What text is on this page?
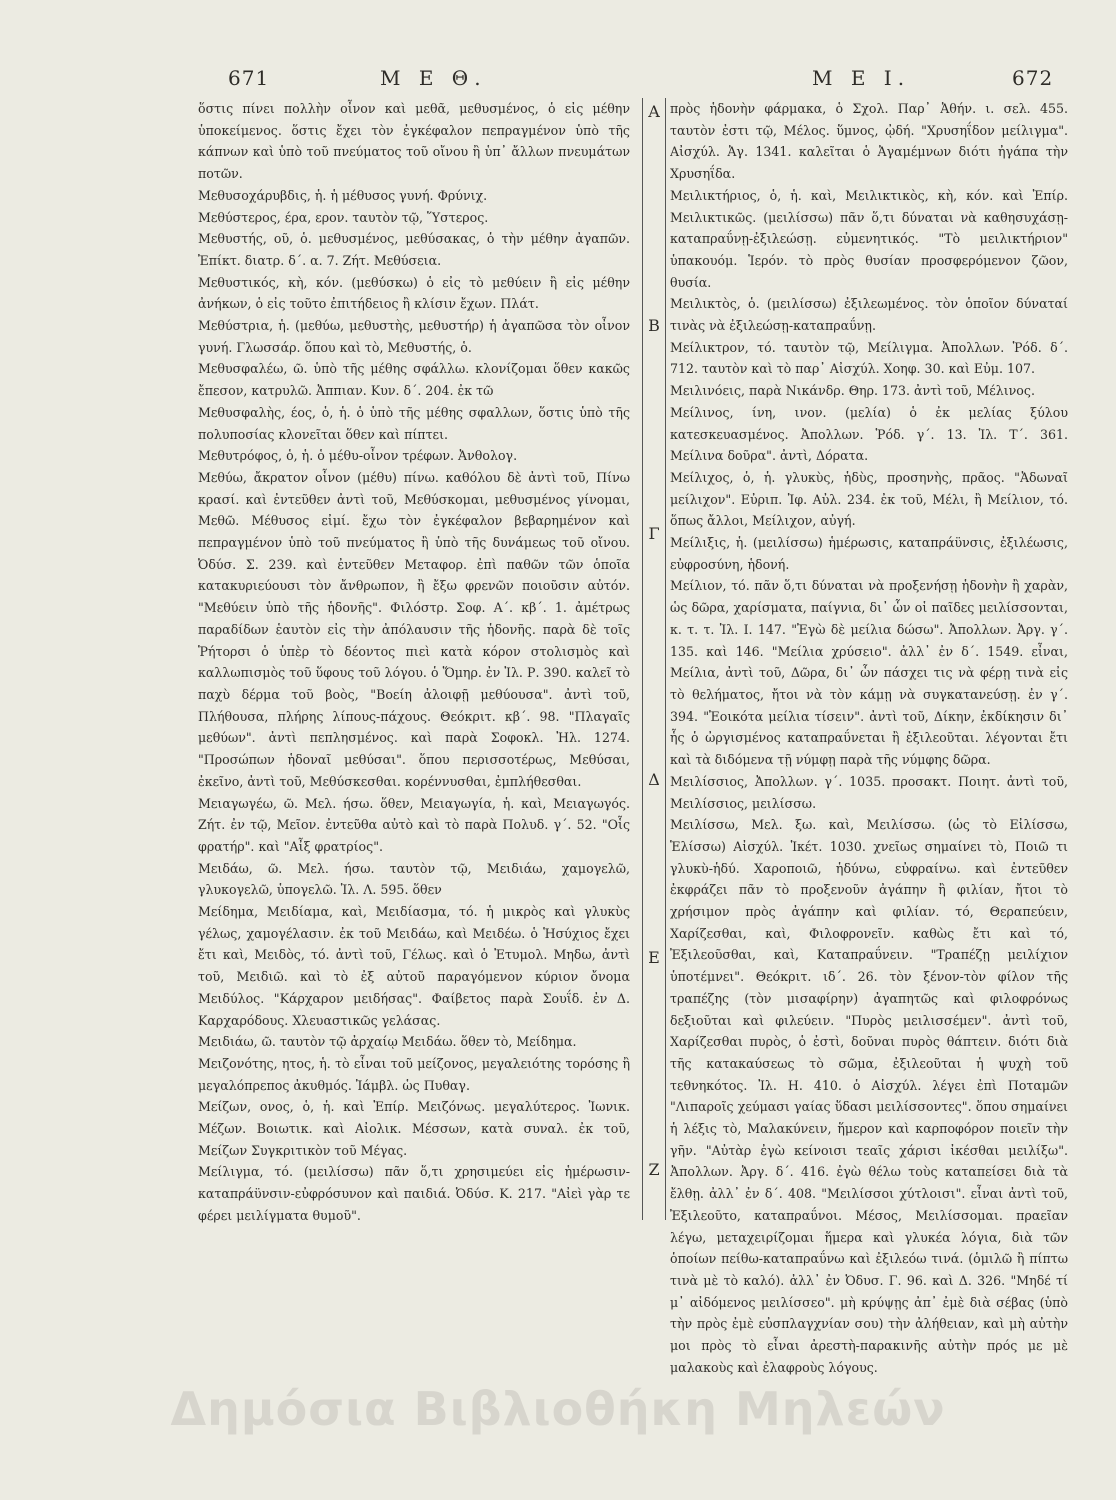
671	Μ Ε Θ.	Μ Ε Ι.	672

ὅστις πίνει πολλὴν οἶνον καὶ μεθᾶ, μεθυσμένος, ὁ εἰς μέθην ὑποκείμενος. ὅστις ἔχει τὸν ἐγκέφαλον πεπραγμένον ὑπὸ τῆς κάπνων καὶ ὑπὸ τοῦ πνεύματος τοῦ οἴνου ἢ ὑπ᾽ ἄλλων πνευμάτων ποτῶν.

Μεθυσοχάρυβδις, ἡ. ἡ μέθυσος γυνή. Φρύνιχ.

Μεθύστερος, έρα, ερον. ταυτὸν τῷ, Ὕστερος.

Μεθυστής, οῦ, ὁ. μεθυσμένος, μεθύσακας, ὁ τὴν μέθην ἀγαπῶν. Ἐπίκτ. διατρ. δ΄. α. 7. Ζήτ. Μεθύσεια.

Μεθυστικός, κὴ, κόν. (μεθύσκω) ὁ εἰς τὸ μεθύειν ἢ εἰς μέθην ἀνήκων, ὁ εἰς τοῦτο ἐπιτήδειος ἢ κλίσιν ἔχων. Πλάτ.

Μεθύστρια, ἡ. (μεθύω, μεθυστὴς, μεθυστήρ) ἡ ἀγαπῶσα τὸν οἶνον γυνή. Γλωσσάρ. ὅπου καὶ τὸ, Μεθυστής, ὁ.

Μεθυσφαλέω, ῶ. ὑπὸ τῆς μέθης σφάλλω. κλονίζομαι ὅθεν κακῶς ἔπεσον, κατρυλῶ. Ἀππιαν. Κυν. δ΄. 204. ἐκ τῶ

Μεθυσφαλὴς, έος, ὁ, ἡ. ὁ ὑπὸ τῆς μέθης σφαλλων, ὅστις ὑπὸ τῆς πολυποσίας κλονεῖται ὅθεν καὶ πίπτει.

Μεθυτρόφος, ὁ, ἡ. ὁ μέθυ-οἶνον τρέφων. Ἀνθολογ.

Μεθύω, ἄκρατον οἶνον (μέθυ) πίνω. καθόλου δὲ ἀντὶ τοῦ, Πίνω κρασί. καὶ ἐντεῦθεν ἀντὶ τοῦ, Μεθύσκομαι, μεθυσμένος γίνομαι, Μεθῶ. Μέθυσος εἰμί. ἔχω τὸν ἐγκέφαλον βεβαρημένον καὶ πεπραγμένον ὑπὸ τοῦ πνεύματος ἢ ὑπὸ τῆς δυνάμεως τοῦ οἴνου. Ὀδύσ. Σ. 239. καὶ ἐντεῦθεν Μεταφορ. ἐπὶ παθῶν τῶν ὁποῖα κατακυριεύουσι τὸν ἄνθρωπον, ἢ ἔξω φρενῶν ποιοῦσιν αὐτόν. "Μεθύειν ὑπὸ τῆς ἡδονῆς". Φιλόστρ. Σοφ. Α΄. κβ΄. 1. ἀμέτρως παραδίδων ἑαυτὸν εἰς τὴν ἀπόλαυσιν τῆς ἡδονῆς. παρὰ δὲ τοῖς Ῥήτορσι ὁ ὑπὲρ τὸ δέοντος πιεὶ κατὰ κόρον στολισμὸς καὶ καλλωπισμὸς τοῦ ὕφους τοῦ λόγου. ὁ Ὅμηρ. ἐν Ἰλ. Ρ. 390. καλεῖ τὸ παχὺ δέρμα τοῦ βοὸς, "Βοείη ἀλοιφῇ μεθύουσα". ἀντὶ τοῦ, Πλήθουσα, πλήρης λίπους-πάχους. Θεόκριτ. κβ΄. 98. "Πλαγαῖς μεθύων". ἀντὶ πεπλησμένος. καὶ παρὰ Σοφοκλ. Ἠλ. 1274. "Προσώπων ἡδοναῖ μεθύσαι". ὅπου περισσοτέρως, Μεθύσαι, ἐκεῖνο, ἀντὶ τοῦ, Μεθύσκεσθαι. κορέννυσθαι, ἐμπλήθεσθαι.

Μειαγωγέω, ῶ. Μελ. ήσω. ὅθεν, Μειαγωγία, ἡ. καὶ, Μειαγωγός. Ζήτ. ἐν τῷ, Μεῖον. ἐντεῦθα αὐτὸ καὶ τὸ παρὰ Πολυδ. γ΄. 52. "Οἷς φρατήρ". καὶ "Αἶξ φρατρίος".

Μειδάω, ῶ. Μελ. ήσω. ταυτὸν τῷ, Μειδιάω, χαμογελῶ, γλυκογελῶ, ὑπογελῶ. Ἰλ. Λ. 595. ὅθεν

Μείδημα, Μειδίαμα, καὶ, Μειδίασμα, τό. ἡ μικρὸς καὶ γλυκὺς γέλως, χαμογέλασιν. ἐκ τοῦ Μειδάω, καὶ Μειδέω. ὁ Ἡσύχιος ἔχει ἔτι καὶ, Μειδὸς, τό. ἀντὶ τοῦ, Γέλως. καὶ ὁ Ἐτυμολ. Μηδω, ἀντὶ τοῦ, Μειδιῶ. καὶ τὸ ἐξ αὐτοῦ παραγόμενον κύριον ὄνομα Μειδύλος. "Κάρχαρον μειδήσας". Φαίβετος παρὰ Σουΐδ. ἐν Δ. Καρχαρόδους. Χλευαστικῶς γελάσας.

Μειδιάω, ῶ. ταυτὸν τῷ ἀρχαίῳ Μειδάω. ὅθεν τὸ, Μείδημα.

Μειζονότης, ητος, ἡ. τὸ εἶναι τοῦ μείζονος, μεγαλειότης τορόσης ἢ μεγαλόπρεπος ἀκυθμός. Ἰάμβλ. ὡς Πυθαγ.

Μείζων, ονος, ὁ, ἡ. καὶ Ἐπίρ. Μειζόνως. μεγαλύτερος. Ἰωνικ. Μέζων. Βοιωτικ. καὶ Αἰολικ. Μέσσων, κατὰ συναλ. ἐκ τοῦ, Μείζων Συγκριτικὸν τοῦ Μέγας.

Μείλιγμα, τό. (μειλίσσω) πᾶν ὅ,τι χρησιμεύει εἰς ἡμέρωσιν-καταπράϋνσιν-εὐφρόσυνον καὶ παιδιά. Ὀδύσ. Κ. 217. "Αἰεὶ γὰρ τε φέρει μειλίγματα θυμοῦ".

Α
Β
Γ
Δ
Ε
Ζ

πρὸς ἡδονὴν φάρμακα, ὁ Σχολ. Παρ᾽ Ἀθήν. ι. σελ. 455. ταυτὸν ἐστι τῷ, Μέλος. ὕμνος, ᾠδή. "Χρυσηΐδον μείλιγμα". Αἰσχύλ. Ἀγ. 1341. καλεῖται ὁ Ἀγαμέμνων διότι ἠγάπα τὴν Χρυσηΐδα.

Μειλικτήριος, ὁ, ἡ. καὶ, Μειλικτικὸς, κὴ, κόν. καὶ Ἐπίρ. Μειλικτικῶς. (μειλίσσω) πᾶν ὅ,τι δύναται νὰ καθησυχάσῃ-καταπραΰνῃ-ἐξιλεώσῃ. εὐμενητικός. "Τὸ μειλικτήριον" ὑπακουόμ. Ἱερόν. τὸ πρὸς θυσίαν προσφερόμενον ζῶον, θυσία.

Μειλικτὸς, ὁ. (μειλίσσω) ἐξιλεωμένος. τὸν ὁποῖον δύναταί τινὰς νὰ ἐξιλεώσῃ-καταπραΰνῃ.

Μείλικτρον, τό. ταυτὸν τῷ, Μείλιγμα. Ἀπολλων. Ῥόδ. δ΄. 712. ταυτὸν καὶ τὸ παρ᾽ Αἰσχύλ. Χοηφ. 30. καὶ Εὐμ. 107.

Μειλινόεις, παρὰ Νικάνδρ. Θηρ. 173. ἀντὶ τοῦ, Μέλινος.

Μείλινος, ίνη, ινον. (μελία) ὁ ἐκ μελίας ξύλου κατεσκευασμένος. Ἀπολλων. Ῥόδ. γ΄. 13. Ἰλ. Τ΄. 361. Μείλινα δοῦρα". ἀντὶ, Δόρατα.

Μείλιχος, ὁ, ἡ. γλυκὺς, ἡδὺς, προσηνὴς, πρᾶος. "Ἀδωναῖ μείλιχον". Εὐριπ. Ἰφ. Αὐλ. 234. ἐκ τοῦ, Μέλι, ἢ Μείλιον, τό. ὅπως ἄλλοι, Μείλιχον, αὐγή.

Μείλιξις, ἡ. (μειλίσσω) ἡμέρωσις, καταπράϋνσις, ἐξιλέωσις, εὐφροσύνη, ἡδονή.

Μείλιον, τό. πᾶν ὅ,τι δύναται νὰ προξενήσῃ ἡδονὴν ἢ χαρὰν, ὡς δῶρα, χαρίσματα, παίγνια, δι᾽ ὧν οἱ παῖδες μειλίσσονται, κ. τ. τ. Ἰλ. Ι. 147. "Ἐγὼ δὲ μείλια δώσω". Ἀπολλων. Ἀργ. γ΄. 135. καὶ 146. "Μείλια χρύσειο". ἀλλ᾽ ἐν δ΄. 1549. εἶναι, Μείλια, ἀντὶ τοῦ, Δῶρα, δι᾽ ὧν πάσχει τις νὰ φέρῃ τινὰ εἰς τὸ θελήματος, ἤτοι νὰ τὸν κάμῃ νὰ συγκατανεύσῃ. ἐν γ΄. 394. "Ἐοικότα μείλια τίσειν". ἀντὶ τοῦ, Δίκην, ἐκδίκησιν δι᾽ ἧς ὁ ὠργισμένος καταπραΰνεται ἢ ἐξιλεοῦται. λέγονται ἔτι καὶ τὰ διδόμενα τῇ νύμφῃ παρὰ τῆς νύμφης δῶρα.

Μειλίσσιος, Ἀπολλων. γ΄. 1035. προσακτ. Ποιητ. ἀντὶ τοῦ, Μειλίσσιος, μειλίσσω.

Μειλίσσω, Μελ. ξω. καὶ, Μειλίσσω. (ὡς τὸ Εἰλίσσω, Ἑλίσσω) Αἰσχύλ. Ἱκέτ. 1030. χνεῖως σημαίνει τὸ, Ποιῶ τι γλυκὺ-ἡδύ. Χαροποιῶ, ἡδύνω, εὐφραίνω. καὶ ἐντεῦθεν ἐκφράζει πᾶν τὸ προξενοῦν ἀγάπην ἢ φιλίαν, ἤτοι τὸ χρήσιμον πρὸς ἀγάπην καὶ φιλίαν. τό, Θεραπεύειν, Χαρίζεσθαι, καὶ, Φιλοφρονεῖν. καθὼς ἔτι καὶ τό, Ἐξιλεοῦσθαι, καὶ, Καταπραΰνειν. "Τραπέζῃ μειλίχιον ὑποτέμνει". Θεόκριτ. ιδ΄. 26. τὸν ξένον-τὸν φίλον τῆς τραπέζης (τὸν μισαφίρην) ἀγαπητῶς καὶ φιλοφρόνως δεξιοῦται καὶ φιλεύειν. "Πυρὸς μειλισσέμεν". ἀντὶ τοῦ, Χαρίζεσθαι πυρὸς, ὁ ἐστὶ, δοῦναι πυρὸς θάπτειν. διότι διὰ τῆς κατακαύσεως τὸ σῶμα, ἐξιλεοῦται ἡ ψυχὴ τοῦ τεθνηκότος. Ἰλ. Η. 410. ὁ Αἰσχύλ. λέγει ἐπὶ Ποταμῶν "Λιπαροῖς χεύμασι γαίας ὕδασι μειλίσσοντες". ὅπου σημαίνει ἡ λέξις τὸ, Μαλακύνειν, ἥμερον καὶ καρποφόρον ποιεῖν τὴν γῆν. "Αὐτὰρ ἐγὼ κείνοισι τεαῖς χάρισι ἰκέσθαι μειλίξω". Ἀπολλων. Ἀργ. δ΄. 416. ἐγὼ θέλω τοὺς καταπείσει διὰ τὰ ἔλθῃ. ἀλλ᾽ ἐν δ΄. 408. "Μειλίσσοι χύτλοισι". εἶναι ἀντὶ τοῦ, Ἐξιλεοῦτο, καταπραΰνοι. Μέσος, Μειλίσσομαι. πραεῖαν λέγω, μεταχειρίζομαι ἥμερα καὶ γλυκέα λόγια, διὰ τῶν ὁποίων πείθω-καταπραΰνω καὶ ἐξιλεόω τινά. (ὁμιλῶ ἢ πίπτω τινὰ μὲ τὸ καλό). ἀλλ᾽ ἐν Ὀδυσ. Γ. 96. καὶ Δ. 326. "Μηδέ τί μ᾽ αἰδόμενος μειλίσσεο". μὴ κρύψῃς ἀπ᾽ ἐμὲ διὰ σέβας (ὑπὸ τὴν πρὸς ἐμὲ εὐσπλαγχνίαν σου) τὴν ἀλήθειαν, καὶ μὴ αὐτὴν μοι πρὸς τὸ εἶναι ἀρεστὴ-παρακινῆς αὐτὴν πρός με μὲ μαλακοὺς καὶ ἐλαφροὺς λόγους.

Δημόσια Βιβλιοθήκη Μηλεών
